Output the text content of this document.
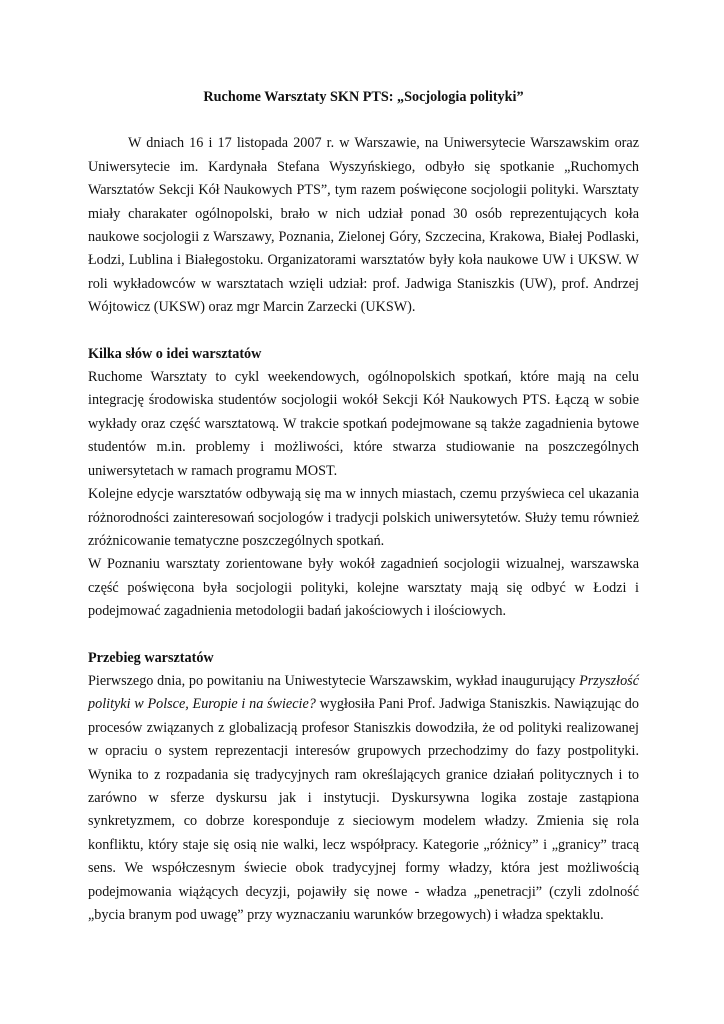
Ruchome Warsztaty SKN PTS: „Socjologia polityki”

W dniach 16 i 17 listopada 2007 r. w Warszawie, na Uniwersytecie Warszawskim oraz Uniwersytecie im. Kardynała Stefana Wyszyńskiego, odbyło się spotkanie „Ruchomych Warsztatów Sekcji Kół Naukowych PTS”, tym razem poświęcone socjologii polityki. Warsztaty miały charakater ogólnopolski, brało w nich udział ponad 30 osób reprezentujących koła naukowe socjologii z Warszawy, Poznania, Zielonej Góry, Szczecina, Krakowa, Białej Podlaski, Łodzi, Lublina i Białegostoku. Organizatorami warsztatów były koła naukowe UW i UKSW. W roli wykładowców w warsztatach wzięli udział: prof. Jadwiga Staniszkis (UW), prof. Andrzej Wójtowicz (UKSW) oraz mgr Marcin Zarzecki (UKSW).

Kilka słów o idei warsztatów

Ruchome Warsztaty to cykl weekendowych, ogólnopolskich spotkań, które mają na celu integrację środowiska studentów socjologii wokół Sekcji Kół Naukowych PTS. Łączą w sobie wykłady oraz część warsztatową. W trakcie spotkań podejmowane są także zagadnienia bytowe studentów m.in. problemy i możliwości, które stwarza studiowanie na poszczególnych uniwersytetach w ramach programu MOST.

Kolejne edycje warsztatów odbywają się ma w innych miastach, czemu przyświeca cel ukazania różnorodności zainteresowań socjologów i tradycji polskich uniwersytetów. Służy temu również zróżnicowanie tematyczne poszczególnych spotkań.

W Poznaniu warsztaty zorientowane były wokół zagadnień socjologii wizualnej, warszawska część poświęcona była socjologii polityki, kolejne warsztaty mają się odbyć w Łodzi i podejmować zagadnienia metodologii badań jakościowych i ilościowych.

Przebieg warsztatów

Pierwszego dnia, po powitaniu na Uniwestytecie Warszawskim, wykład inaugurujący Przyszłość polityki w Polsce, Europie i na świecie? wygłosiła Pani Prof. Jadwiga Staniszkis. Nawiązując do procesów związanych z globalizacją profesor Staniszkis dowodziła, że od polityki realizowanej w opraciu o system reprezentacji interesów grupowych przechodzimy do fazy postpolityki. Wynika to z rozpadania się tradycyjnych ram określających granice działań politycznych i to zarówno w sferze dyskursu jak i instytucji. Dyskursywna logika zostaje zastąpiona synkretyzmem, co dobrze koresponduje z sieciowym modelem władzy. Zmienia się rola konfliktu, który staje się osią nie walki, lecz współpracy. Kategorie „różnicy” i „granicy” tracą sens. We współczesnym świecie obok tradycyjnej formy władzy, która jest możliwością podejmowania wiążących decyzji, pojawiły się nowe - władza „penetracji” (czyli zdolność „bycia branym pod uwagę” przy wyznaczaniu warunków brzegowych) i władza spektaklu.
